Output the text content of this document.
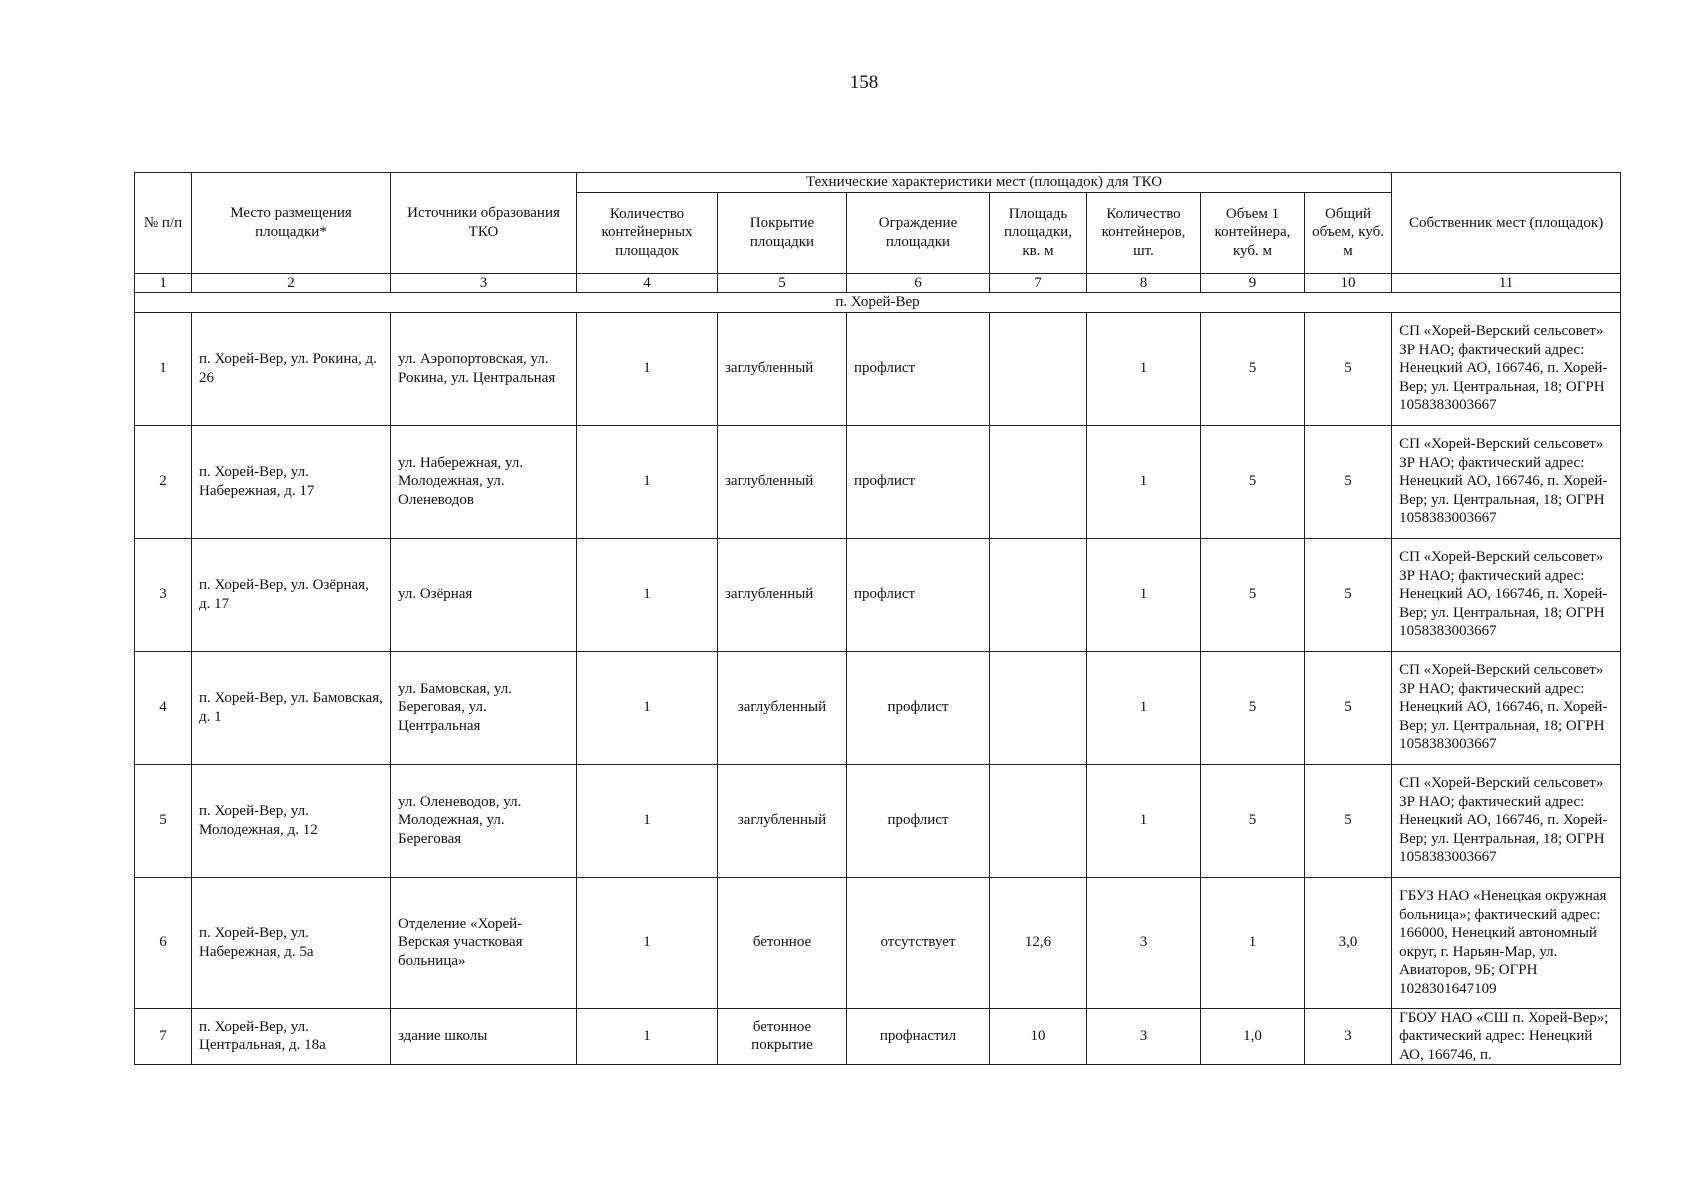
158
№ п/п	Место размещения площадки*	Источники образования ТКО	Технические характеристики мест (площадок) для ТКО							Собственник мест (площадок)
			Количество контейнерных площадок	Покрытие площадки	Ограждение площадки	Площадь площадки, кв. м	Количество контейнеров, шт.	Объем 1 контейнера, куб. м	Общий объем, куб. м	
1	2	3	4	5	6	7	8	9	10	11
п. Хорей-Вер										
1	п. Хорей-Вер, ул. Рокина, д. 26	ул. Аэропортовская, ул. Рокина, ул. Центральная	1	заглубленный	профлист		1	5	5	СП «Хорей-Верский сельсовет» ЗР НАО; фактический адрес: Ненецкий АО, 166746, п. Хорей-Вер; ул. Центральная, 18; ОГРН 1058383003667
2	п. Хорей-Вер, ул. Набережная, д. 17	ул. Набережная, ул. Молодежная, ул. Оленеводов	1	заглубленный	профлист		1	5	5	СП «Хорей-Верский сельсовет» ЗР НАО; фактический адрес: Ненецкий АО, 166746, п. Хорей-Вер; ул. Центральная, 18; ОГРН 1058383003667
3	п. Хорей-Вер, ул. Озёрная, д. 17	ул. Озёрная	1	заглубленный	профлист		1	5	5	СП «Хорей-Верский сельсовет» ЗР НАО; фактический адрес: Ненецкий АО, 166746, п. Хорей-Вер; ул. Центральная, 18; ОГРН 1058383003667
4	п. Хорей-Вер, ул. Бамовская, д. 1	ул. Бамовская, ул. Береговая, ул. Центральная	1	заглубленный	профлист		1	5	5	СП «Хорей-Верский сельсовет» ЗР НАО; фактический адрес: Ненецкий АО, 166746, п. Хорей-Вер; ул. Центральная, 18; ОГРН 1058383003667
5	п. Хорей-Вер, ул. Молодежная, д. 12	ул. Оленеводов, ул. Молодежная, ул. Береговая	1	заглубленный	профлист		1	5	5	СП «Хорей-Верский сельсовет» ЗР НАО; фактический адрес: Ненецкий АО, 166746, п. Хорей-Вер; ул. Центральная, 18; ОГРН 1058383003667
6	п. Хорей-Вер, ул. Набережная, д. 5а	Отделение «Хорей-Верская участковая больница»	1	бетонное	отсутствует	12,6	3	1	3,0	ГБУЗ НАО «Ненецкая окружная больница»; фактический адрес: 166000, Ненецкий автономный округ, г. Нарьян-Мар, ул. Авиаторов, 9Б; ОГРН 1028301647109
7	п. Хорей-Вер, ул. Центральная, д. 18а	здание школы	1	бетонное покрытие	профнастил	10	3	1,0	3	ГБОУ НАО «СШ п. Хорей-Вер»; фактический адрес: Ненецкий АО, 166746, п.
